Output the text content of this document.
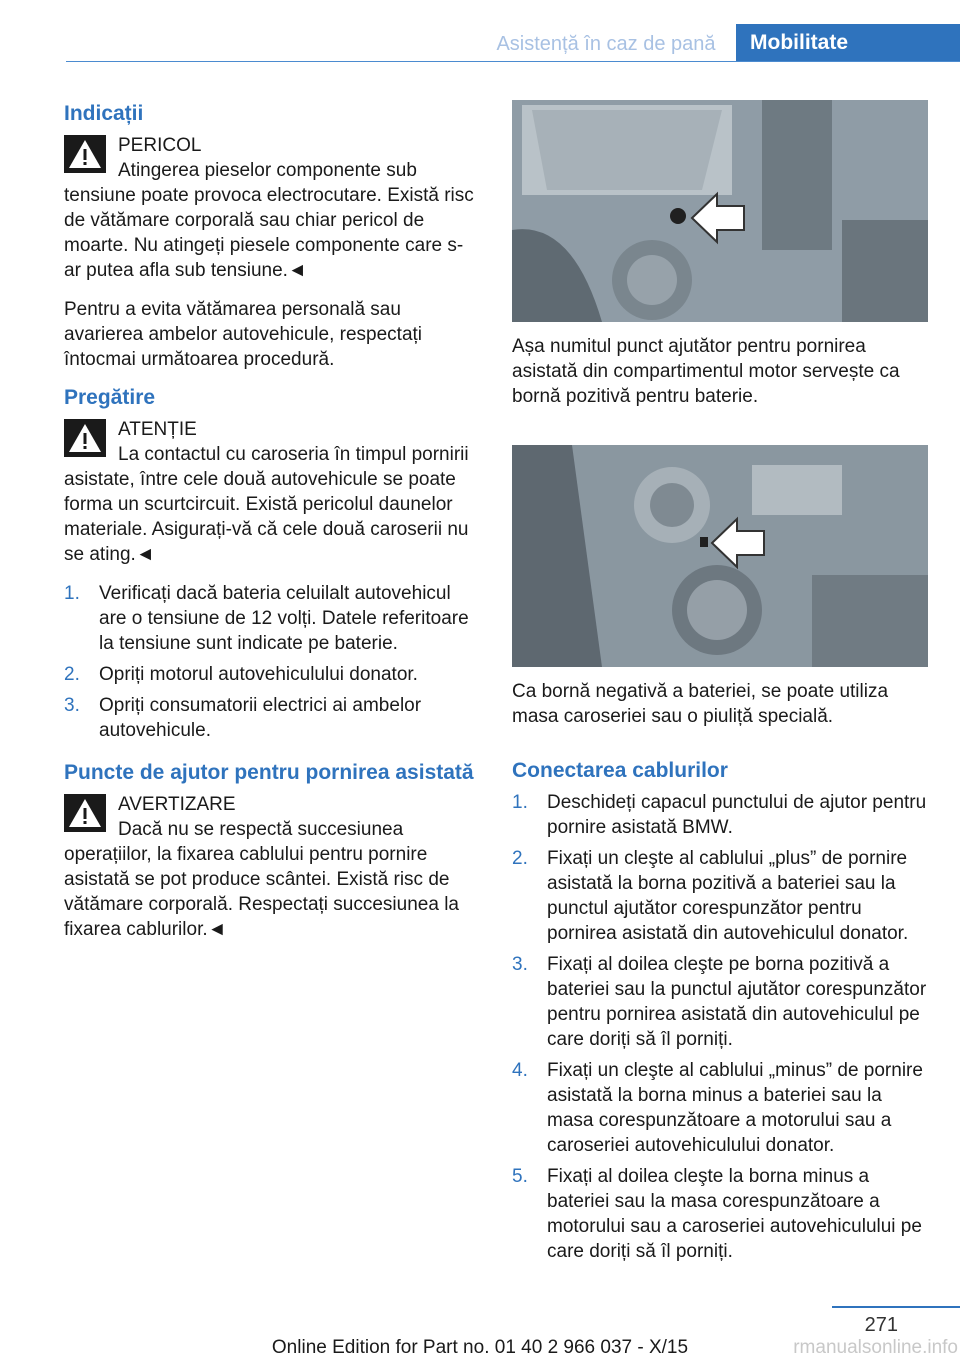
Asistență în caz de pană	Mobilitate
Indicații
PERICOL
Atingerea pieselor componente sub tensiune poate provoca electrocutare. Există risc de vătămare corporală sau chiar pericol de moarte. Nu atingeți piesele componente care s-ar putea afla sub tensiune.◄

Pentru a evita vătămarea personală sau avarierea ambelor autovehicule, respectați întocmai următoarea procedură.

Pregătire
ATENȚIE
La contactul cu caroseria în timpul pornirii asistate, între cele două autovehicule se poate forma un scurtcircuit. Există pericolul daunelor materiale. Asigurați-vă că cele două caroserii nu se ating.◄
1. Verificați dacă bateria celuilalt autovehicul are o tensiune de 12 volți. Datele referitoare la tensiune sunt indicate pe baterie.
2. Opriți motorul autovehiculului donator.
3. Opriți consumatorii electrici ai ambelor autovehicule.
Puncte de ajutor pentru pornirea asistată
AVERTIZARE
Dacă nu se respectă succesiunea operațiilor, la fixarea cablului pentru pornire asistată se pot produce scântei. Există risc de vătămare corporală. Respectați succesiunea la fixarea cablurilor.◄

Așa numitul punct ajutător pentru pornirea asistată din compartimentul motor servește ca bornă pozitivă pentru baterie.

Ca bornă negativă a bateriei, se poate utiliza masa caroseriei sau o piuliță specială.

Conectarea cablurilor
1. Deschideți capacul punctului de ajutor pentru pornire asistată BMW.
2. Fixați un cleşte al cablului „plus” de pornire asistată la borna pozitivă a bateriei sau la punctul ajutător corespunzător pentru pornirea asistată din autovehiculul donator.
3. Fixați al doilea cleşte pe borna pozitivă a bateriei sau la punctul ajutător corespunzător pentru pornirea asistată din autovehiculul pe care doriți să îl porniți.
4. Fixați un cleşte al cablului „minus” de pornire asistată la borna minus a bateriei sau la masa corespunzătoare a motorului sau a caroseriei autovehiculului donator.
5. Fixați al doilea cleşte la borna minus a bateriei sau la masa corespunzătoare a motorului sau a caroseriei autovehiculului pe care doriți să îl porniți.
271
Online Edition for Part no. 01 40 2 966 037 - X/15	rmanualsonline.info
